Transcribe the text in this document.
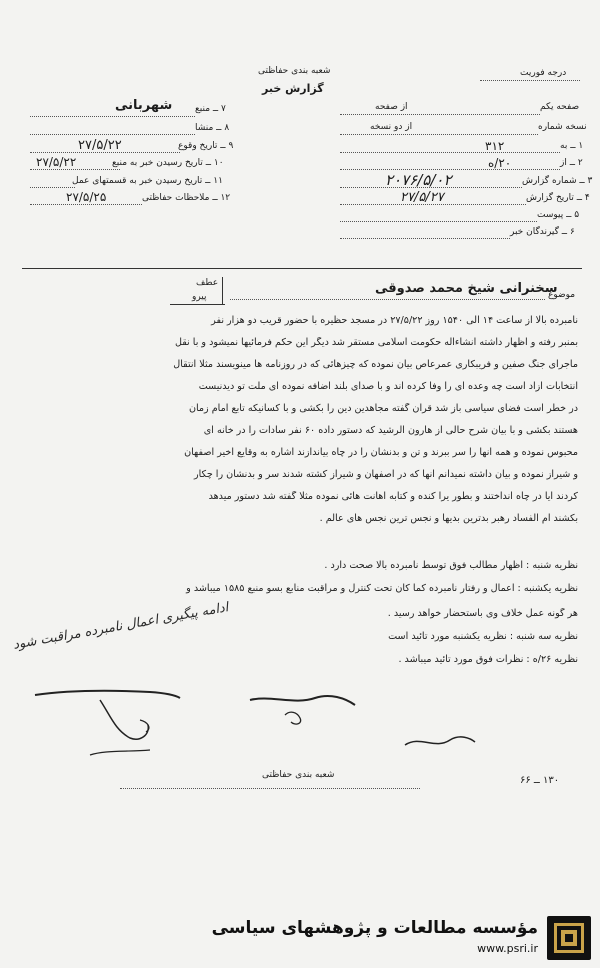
شعبه بندی حفاظتی
گزارش خبر
درجه فوریت
۷ ــ منبع
شهربانی
۸ ــ منشا
۹ ــ تاریخ وقوع
۲۷/۵/۲۲
۱۰ ــ تاریخ رسیدن خبر به منبع
۲۷/۵/۲۲
۱۱ ــ تاریخ رسیدن خبر به قسمتهای عمل
۱۲ ــ ملاحظات حفاظتی
۲۷/۵/۲۵
صفحه یکم
از صفحه
نسخه شماره
از دو نسخه
۱ ــ به
۳۱۲
۲ ــ از
۲۰/ه
۳ ــ شماره گزارش
۲۰۷۶/۵/۰۲
۴ ــ تاریخ گزارش
۲۷/۵/۲۷
۵ ــ پیوست
۶ ــ گیرندگان خبر
موضوع
سخنرانی شیخ محمد صدوقی
عطف
پیرو
نامبرده بالا از ساعت ۱۴ الی ۱۵۴۰ روز ۲۷/۵/۲۲ در مسجد حظیره با حضور قریب دو هزار نفر
بمنبر رفته و اظهار داشته انشاءاله حکومت اسلامی مستقر شد دیگر این حکم فرمائیها نمیشود و با نقل
ماجرای جنگ صفین و فریبکاری عمرعاص بیان نموده که چیزهائی که در روزنامه ها مینویسند مثلا انتقال
انتخابات آزاد است چه وعده ای را وفا کرده اند و با صدای بلند اضافه نموده ای ملت تو دیدنیست
در خطر است فضای سیاسی باز شد قرآن گفته مجاهدین دین را بکشی و با کسانیکه تابع امام زمان
هستند بکشی و با بیان شرح حالی از هارون الرشید که دستور داده ۶۰ نفر سادات را در خانه ای
محبوس نموده و همه آنها را سر ببرند و تن و بدنشان را در چاه بیاندازند اشاره به وقایع اخیر اصفهان
و شیراز نموده و بیان داشته نمیدانم آنها که در اصفهان و شیراز کشته شدند سر و بدنشان را چکار
کردند آیا در چاه انداختند و بطور یرا کنده و کتابه اهانت هائی نموده مثلا گفته شد دستور میدهد
بکشند ام الفساد رهبر بدترین بدیها و نجس ترین نجس های عالم .
نظریه شنبه : اظهار مطالب فوق توسط نامبرده بالا صحت دارد .
نظریه یکشنبه : اعمال و رفتار نامبرده کما کان تحت کنترل و مراقبت منابع بسو منبع ۱۵۸۵ میباشد و
هر گونه عمل خلاف وی باستحضار خواهد رسید .
نظریه سه شنبه : نظریه یکشنبه مورد تائید است
نظریه ۲۶/ه : نظرات فوق مورد تائید میباشد .
ادامه پیگیری اعمال نامبرده مراقبت شود
شعبه بندی حفاظتی	۱۳۰ ــ ۶۶
مؤسسه مطالعات و پژوهشهای سیاسی
www.psri.ir
